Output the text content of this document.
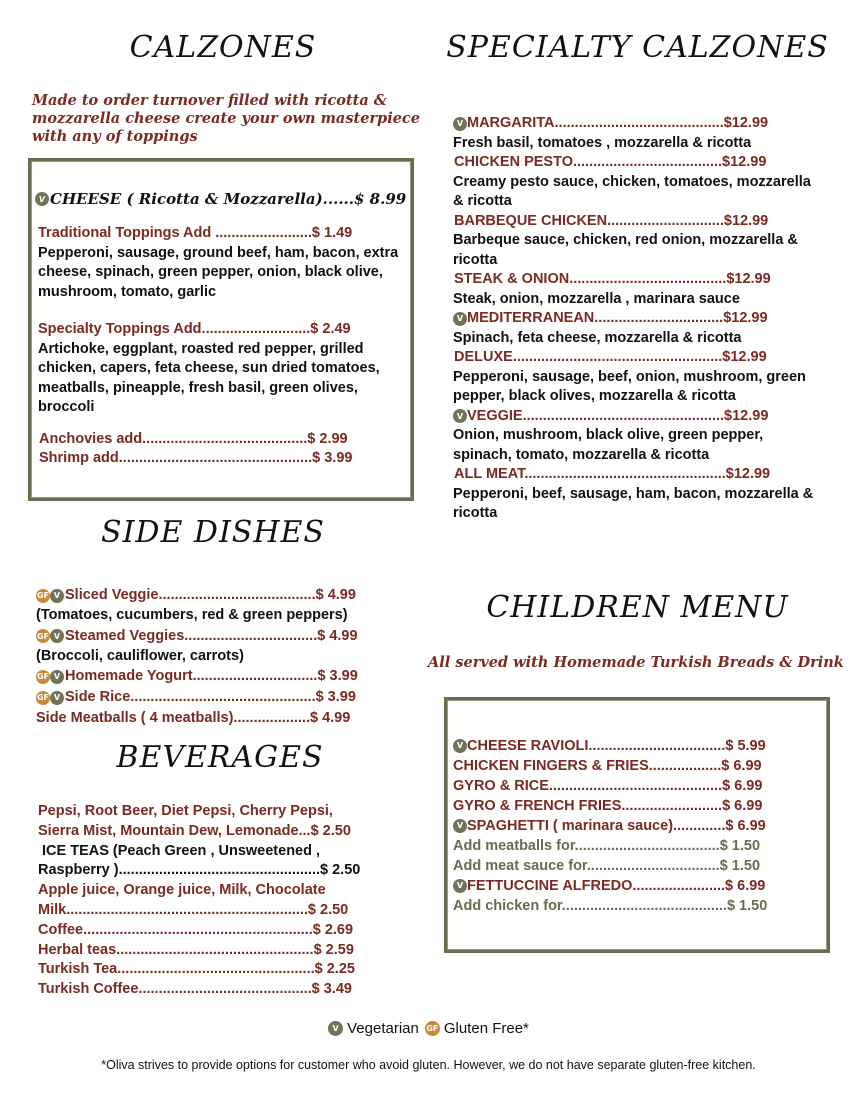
CALZONES
Made to order turnover filled with ricotta &
mozzarella cheese create your own masterpiece
with any of toppings
V CHEESE ( Ricotta & Mozzarella)......$ 8.99
Traditional Toppings Add ........................$ 1.49
Pepperoni, sausage, ground beef, ham, bacon, extra cheese, spinach, green pepper, onion, black olive, mushroom, tomato, garlic
Specialty Toppings Add...........................$ 2.49
Artichoke, eggplant, roasted red pepper, grilled chicken, capers, feta cheese, sun dried tomatoes, meatballs, pineapple, fresh basil, green olives, broccoli
Anchovies add.........................................$ 2.99
Shrimp add................................................$ 3.99
SIDE DISHES
GF V Sliced Veggie.......................................$ 4.99
(Tomatoes, cucumbers, red & green peppers)
GF V Steamed Veggies.................................$ 4.99
(Broccoli, cauliflower, carrots)
GF V Homemade Yogurt...............................$ 3.99
GF V Side Rice..............................................$ 3.99
Side Meatballs ( 4 meatballs)...................$ 4.99
BEVERAGES
Pepsi, Root Beer, Diet Pepsi, Cherry Pepsi,
Sierra Mist, Mountain Dew, Lemonade...$ 2.50
ICE TEAS (Peach Green , Unsweetened ,
Raspberry )..................................................$ 2.50
Apple juice, Orange juice, Milk, Chocolate
Milk............................................................$ 2.50
Coffee.........................................................$ 2.69
Herbal teas.................................................$ 2.59
Turkish Tea.................................................$ 2.25
Turkish Coffee...........................................$ 3.49
SPECIALTY CALZONES
V MARGARITA..........................................$12.99
Fresh basil, tomatoes , mozzarella & ricotta
CHICKEN PESTO.....................................$12.99
Creamy pesto sauce, chicken, tomatoes, mozzarella & ricotta
BARBEQUE CHICKEN.............................$12.99
Barbeque sauce, chicken, red onion, mozzarella & ricotta
STEAK & ONION.......................................$12.99
Steak, onion, mozzarella , marinara sauce
V MEDITERRANEAN................................$12.99
Spinach, feta cheese, mozzarella & ricotta
DELUXE....................................................$12.99
Pepperoni, sausage, beef, onion, mushroom, green pepper, black olives, mozzarella & ricotta
V VEGGIE..................................................$12.99
Onion, mushroom, black olive, green pepper, spinach, tomato, mozzarella & ricotta
ALL MEAT..................................................$12.99
Pepperoni, beef, sausage, ham, bacon, mozzarella & ricotta
CHILDREN MENU
All served with Homemade Turkish Breads & Drink
V CHEESE RAVIOLI..................................$ 5.99
CHICKEN FINGERS & FRIES..................$ 6.99
GYRO & RICE...........................................$ 6.99
GYRO & FRENCH FRIES.........................$ 6.99
V SPAGHETTI ( marinara sauce).............$ 6.99
Add meatballs for....................................$ 1.50
Add meat sauce for.................................$ 1.50
V FETTUCCINE ALFREDO.......................$ 6.99
Add chicken for.........................................$ 1.50
V Vegetarian GF Gluten Free*
*Oliva strives to provide options for customer who avoid gluten. However, we do not have separate gluten-free kitchen.
